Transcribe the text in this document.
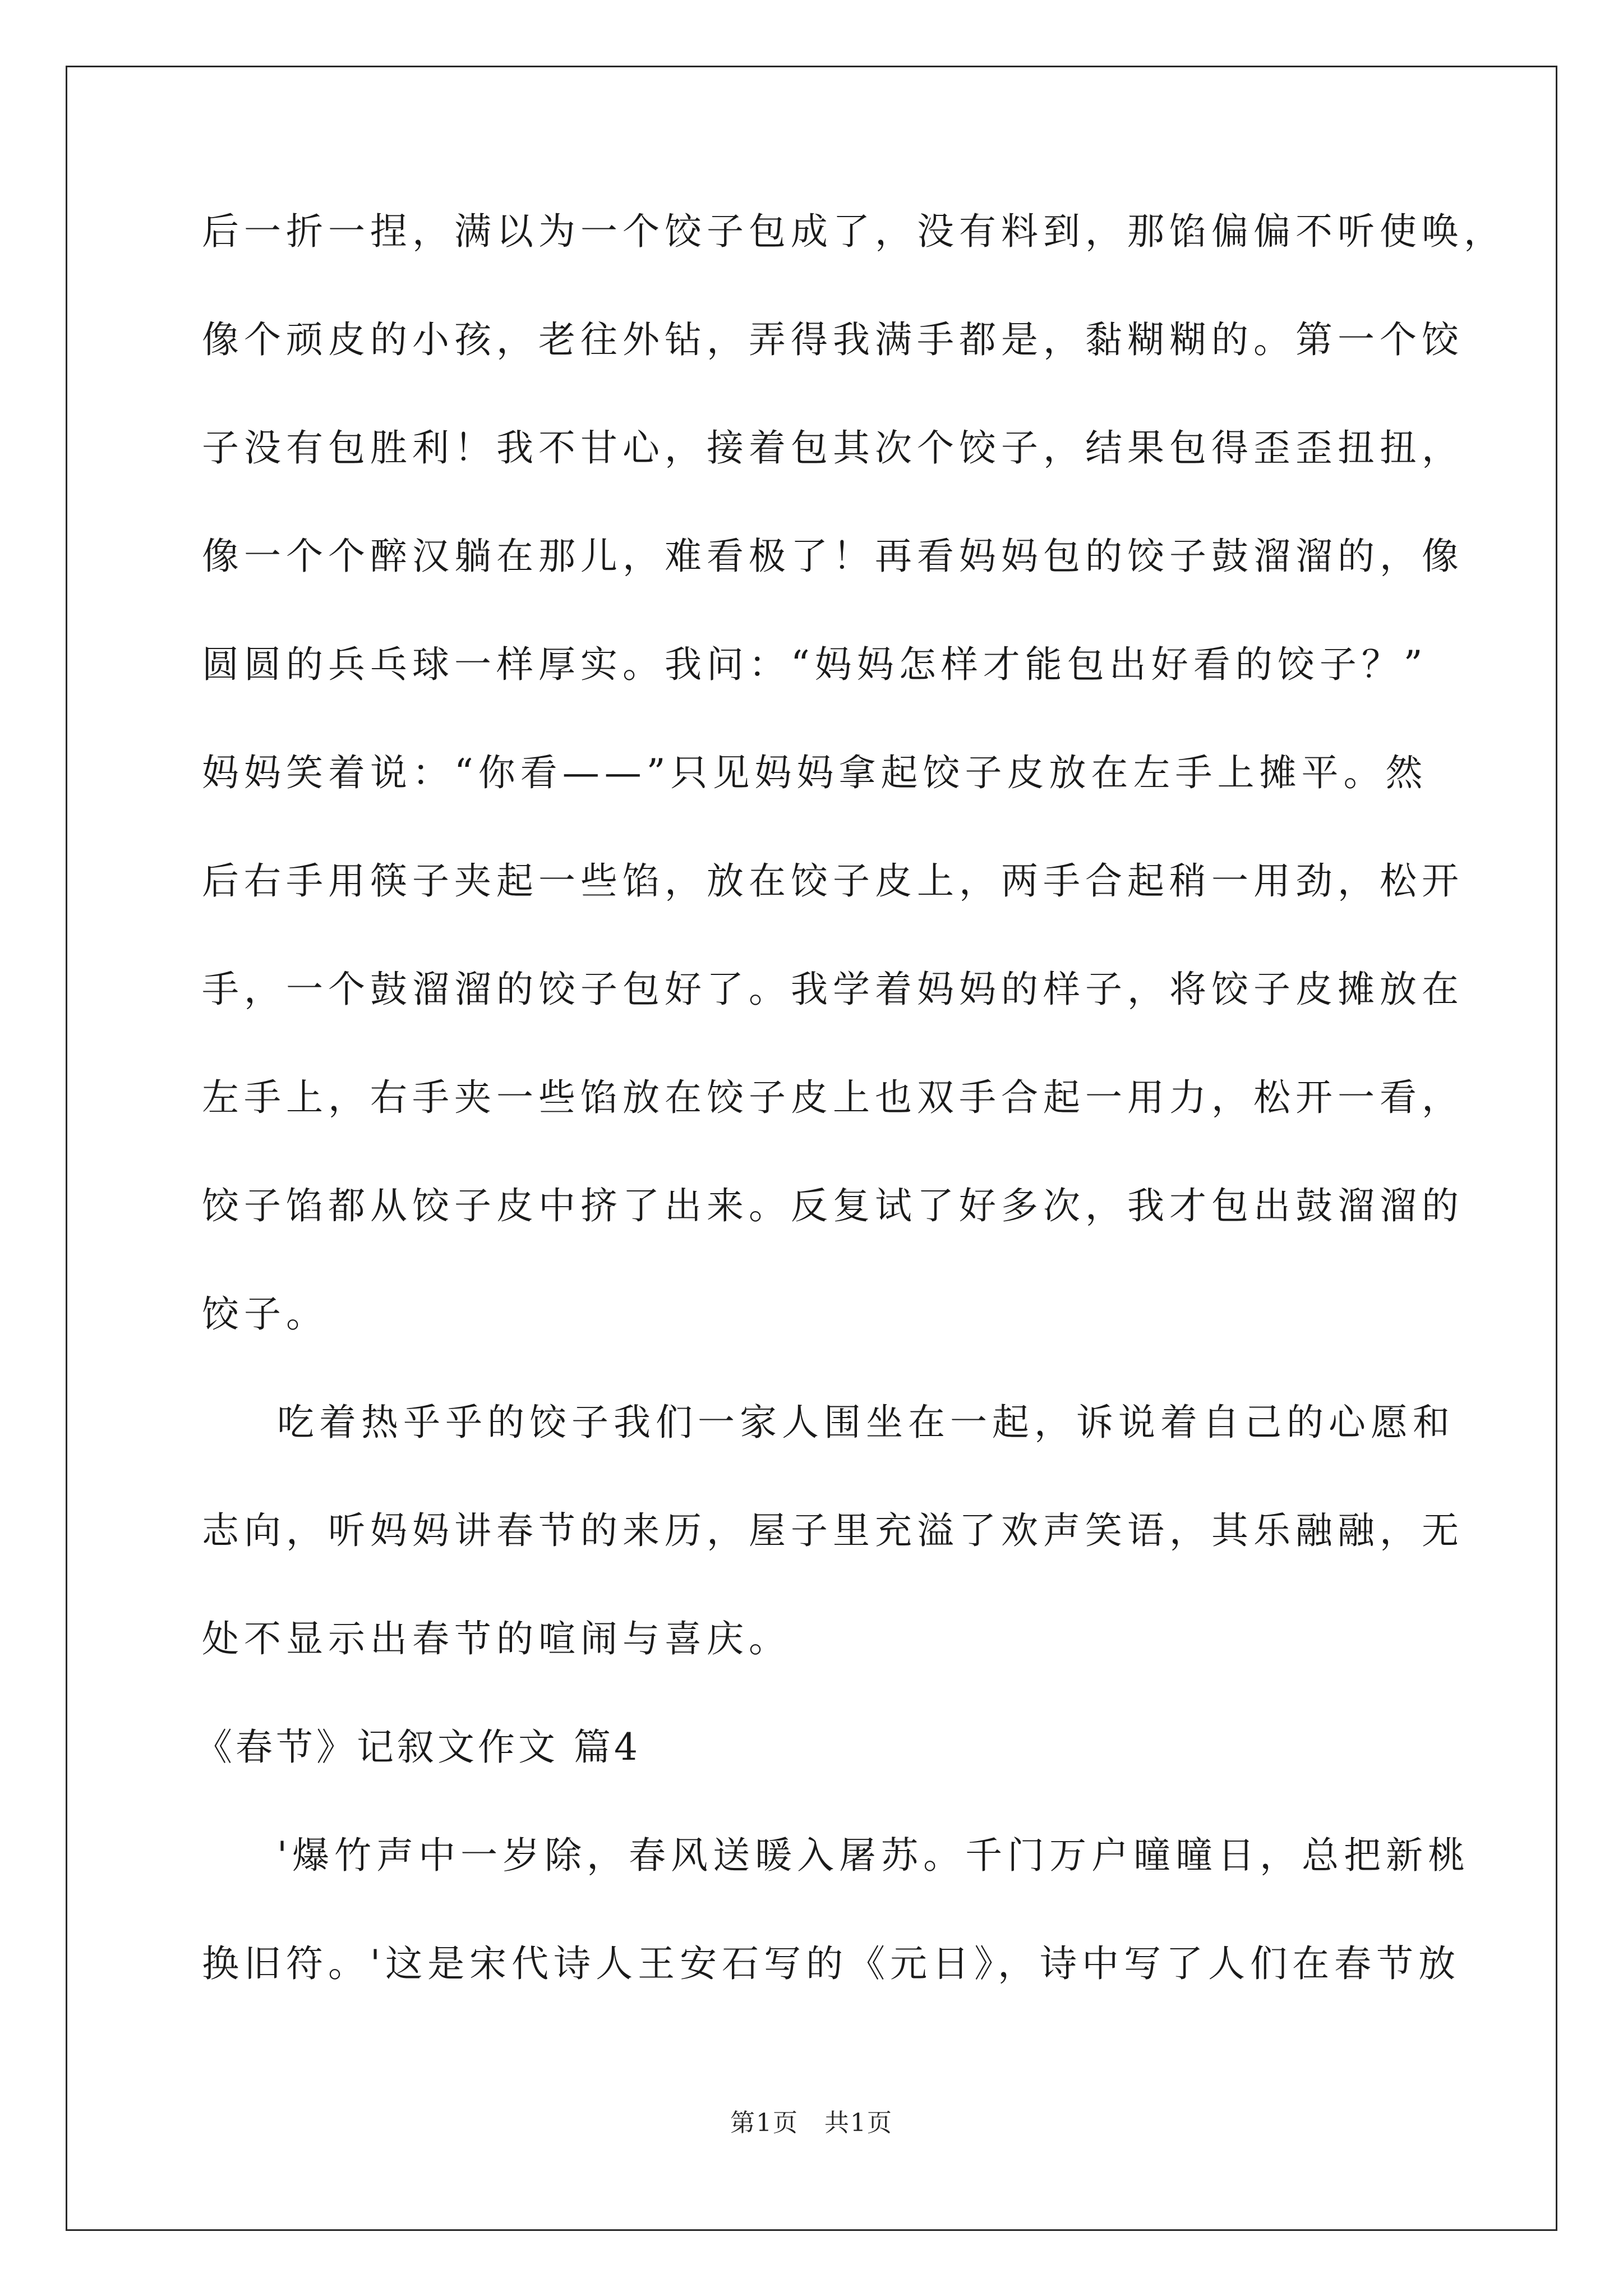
后一折一捏，满以为一个饺子包成了，没有料到，那馅偏偏不听使唤，
像个顽皮的小孩，老往外钻，弄得我满手都是，黏糊糊的。第一个饺
子没有包胜利！我不甘心，接着包其次个饺子，结果包得歪歪扭扭，
像一个个醉汉躺在那儿，难看极了！再看妈妈包的饺子鼓溜溜的，像
圆圆的兵乓球一样厚实。我问：“妈妈怎样才能包出好看的饺子？”
妈妈笑着说：“你看——”只见妈妈拿起饺子皮放在左手上摊平。然
后右手用筷子夹起一些馅，放在饺子皮上，两手合起稍一用劲，松开
手，一个鼓溜溜的饺子包好了。我学着妈妈的样子，将饺子皮摊放在
左手上，右手夹一些馅放在饺子皮上也双手合起一用力，松开一看，
饺子馅都从饺子皮中挤了出来。反复试了好多次，我才包出鼓溜溜的
饺子。
吃着热乎乎的饺子我们一家人围坐在一起，诉说着自己的心愿和
志向，听妈妈讲春节的来历，屋子里充溢了欢声笑语，其乐融融，无
处不显示出春节的喧闹与喜庆。
《春节》记叙文作文 篇4
'爆竹声中一岁除，春风送暖入屠苏。千门万户曈曈日，总把新桃
换旧符。'这是宋代诗人王安石写的《元日》，诗中写了人们在春节放
第1页　共1页
